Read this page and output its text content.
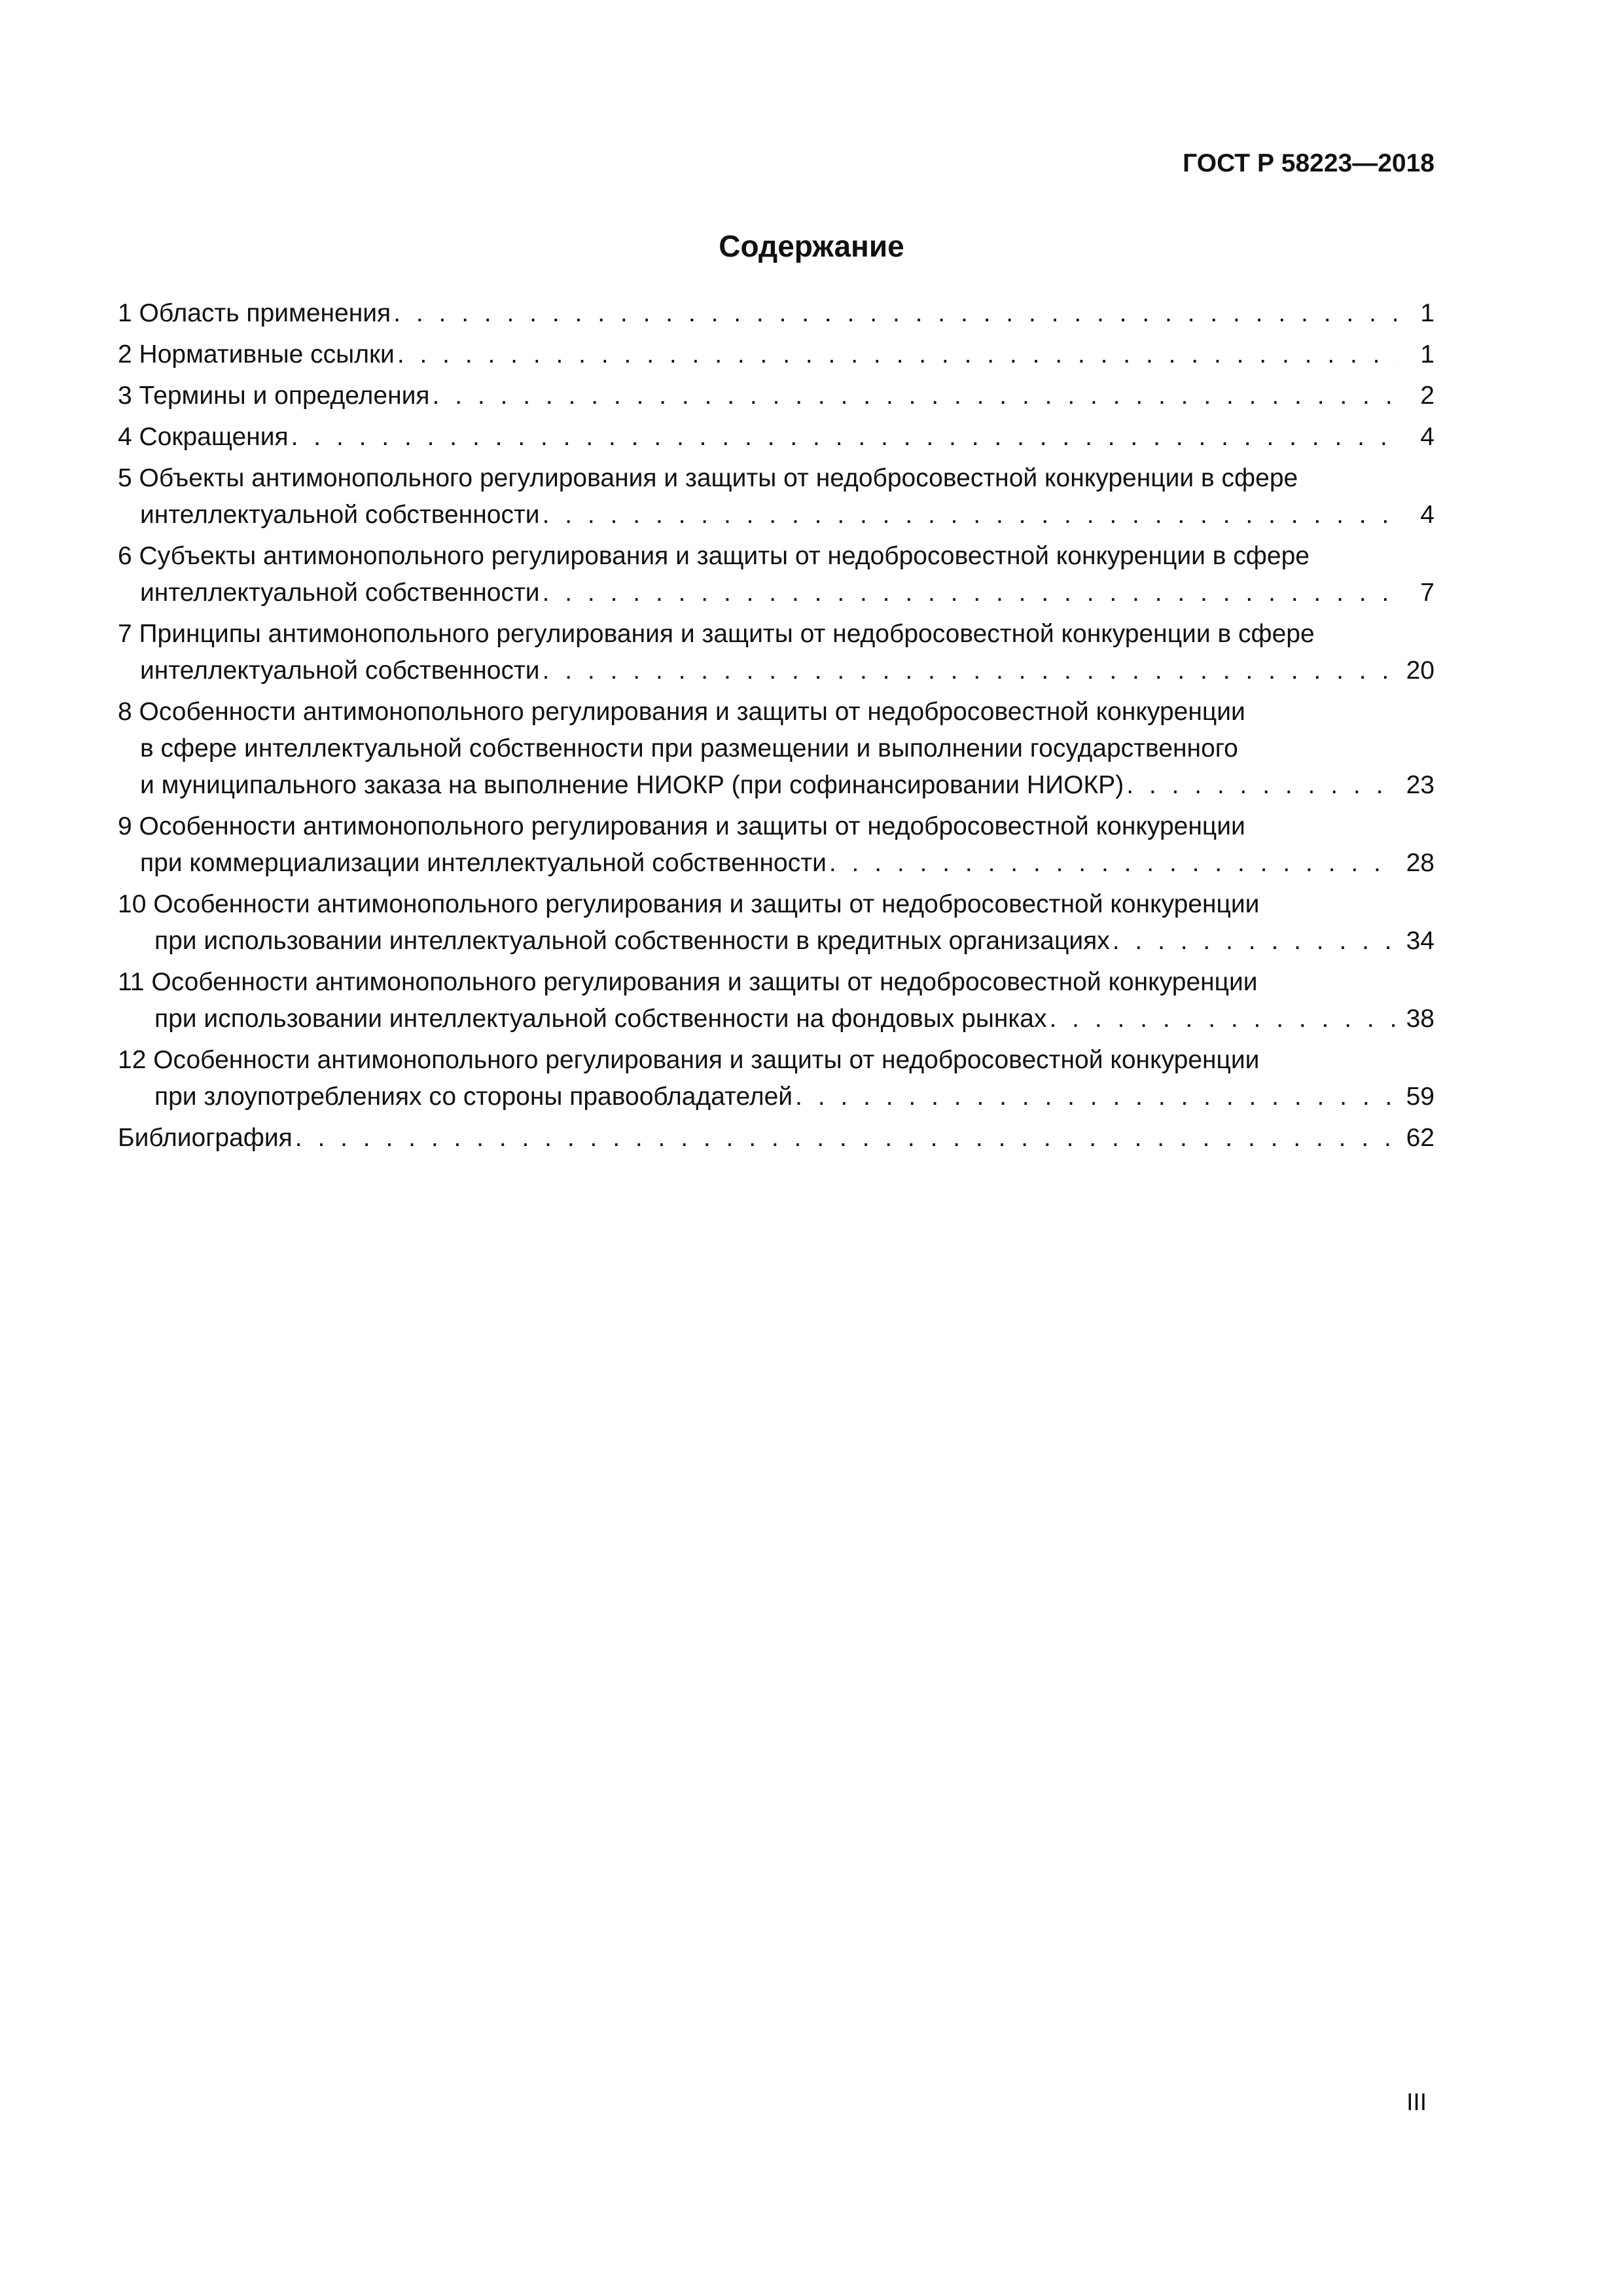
ГОСТ Р 58223—2018
Содержание
1 Область применения . . .	1
2 Нормативные ссылки . . .	1
3 Термины и определения . . .	2
4 Сокращения . . .	4
5 Объекты антимонопольного регулирования и защиты от недобросовестной конкуренции в сфере
интеллектуальной собственности . . .	4
6 Субъекты антимонопольного регулирования и защиты от недобросовестной конкуренции в сфере
интеллектуальной собственности . . .	7
7 Принципы антимонопольного регулирования и защиты от недобросовестной конкуренции в сфере
интеллектуальной собственности . . .	20
8 Особенности антимонопольного регулирования и защиты от недобросовестной конкуренции
в сфере интеллектуальной собственности при размещении и выполнении государственного
и муниципального заказа на выполнение НИОКР (при софинансировании НИОКР) . . .	23
9 Особенности антимонопольного регулирования и защиты от недобросовестной конкуренции
при коммерциализации интеллектуальной собственности . . .	28
10 Особенности антимонопольного регулирования и защиты от недобросовестной конкуренции
при использовании интеллектуальной собственности в кредитных организациях . . .	34
11 Особенности антимонопольного регулирования и защиты от недобросовестной конкуренции
при использовании интеллектуальной собственности на фондовых рынках . . .	38
12 Особенности антимонопольного регулирования и защиты от недобросовестной конкуренции
при злоупотреблениях со стороны правообладателей . . .	59
Библиография . . .	62
III
